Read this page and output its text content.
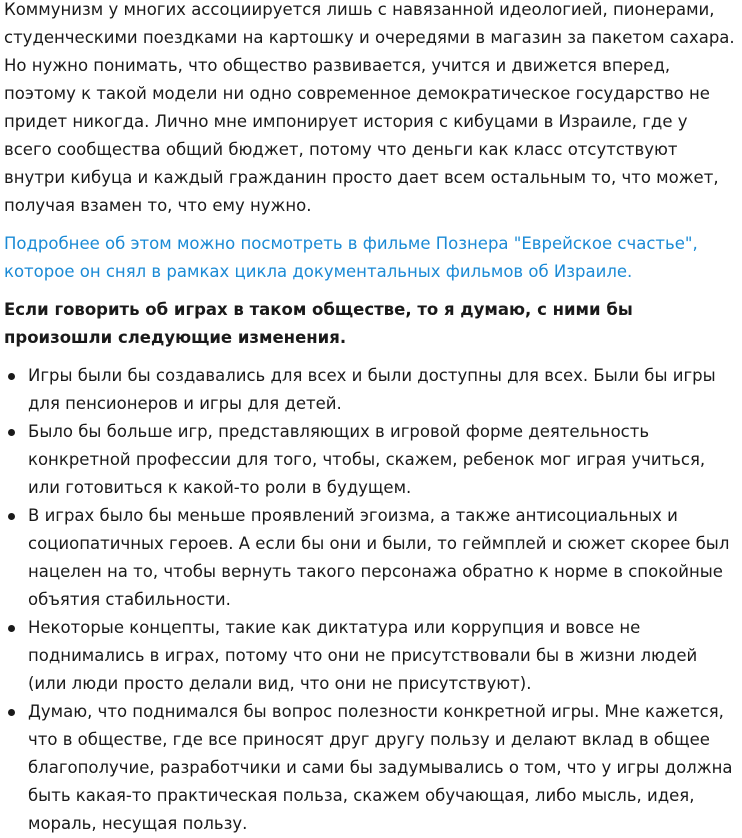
Коммунизм у многих ассоциируется лишь с навязанной идеологией, пионерами, студенческими поездками на картошку и очередями в магазин за пакетом сахара. Но нужно понимать, что общество развивается, учится и движется вперед, поэтому к такой модели ни одно современное демократическое государство не придет никогда. Лично мне импонирует история с кибуцами в Израиле, где у всего сообщества общий бюджет, потому что деньги как класс отсутствуют внутри кибуца и каждый гражданин просто дает всем остальным то, что может, получая взамен то, что ему нужно.

Подробнее об этом можно посмотреть в фильме Познера "Еврейское счастье", которое он снял в рамках цикла документальных фильмов об Израиле.

Если говорить об играх в таком обществе, то я думаю, с ними бы произошли следующие изменения.

Игры были бы создавались для всех и были доступны для всех. Были бы игры для пенсионеров и игры для детей.
Было бы больше игр, представляющих в игровой форме деятельность конкретной профессии для того, чтобы, скажем, ребенок мог играя учиться, или готовиться к какой-то роли в будущем.
В играх было бы меньше проявлений эгоизма, а также антисоциальных и социопатичных героев. А если бы они и были, то геймплей и сюжет скорее был нацелен на то, чтобы вернуть такого персонажа обратно к норме в спокойные объятия стабильности.
Некоторые концепты, такие как диктатура или коррупция и вовсе не поднимались в играх, потому что они не присутствовали бы в жизни людей (или люди просто делали вид, что они не присутствуют).
Думаю, что поднимался бы вопрос полезности конкретной игры. Мне кажется, что в обществе, где все приносят друг другу пользу и делают вклад в общее благополучие, разработчики и сами бы задумывались о том, что у игры должна быть какая-то практическая польза, скажем обучающая, либо мысль, идея, мораль, несущая пользу.
